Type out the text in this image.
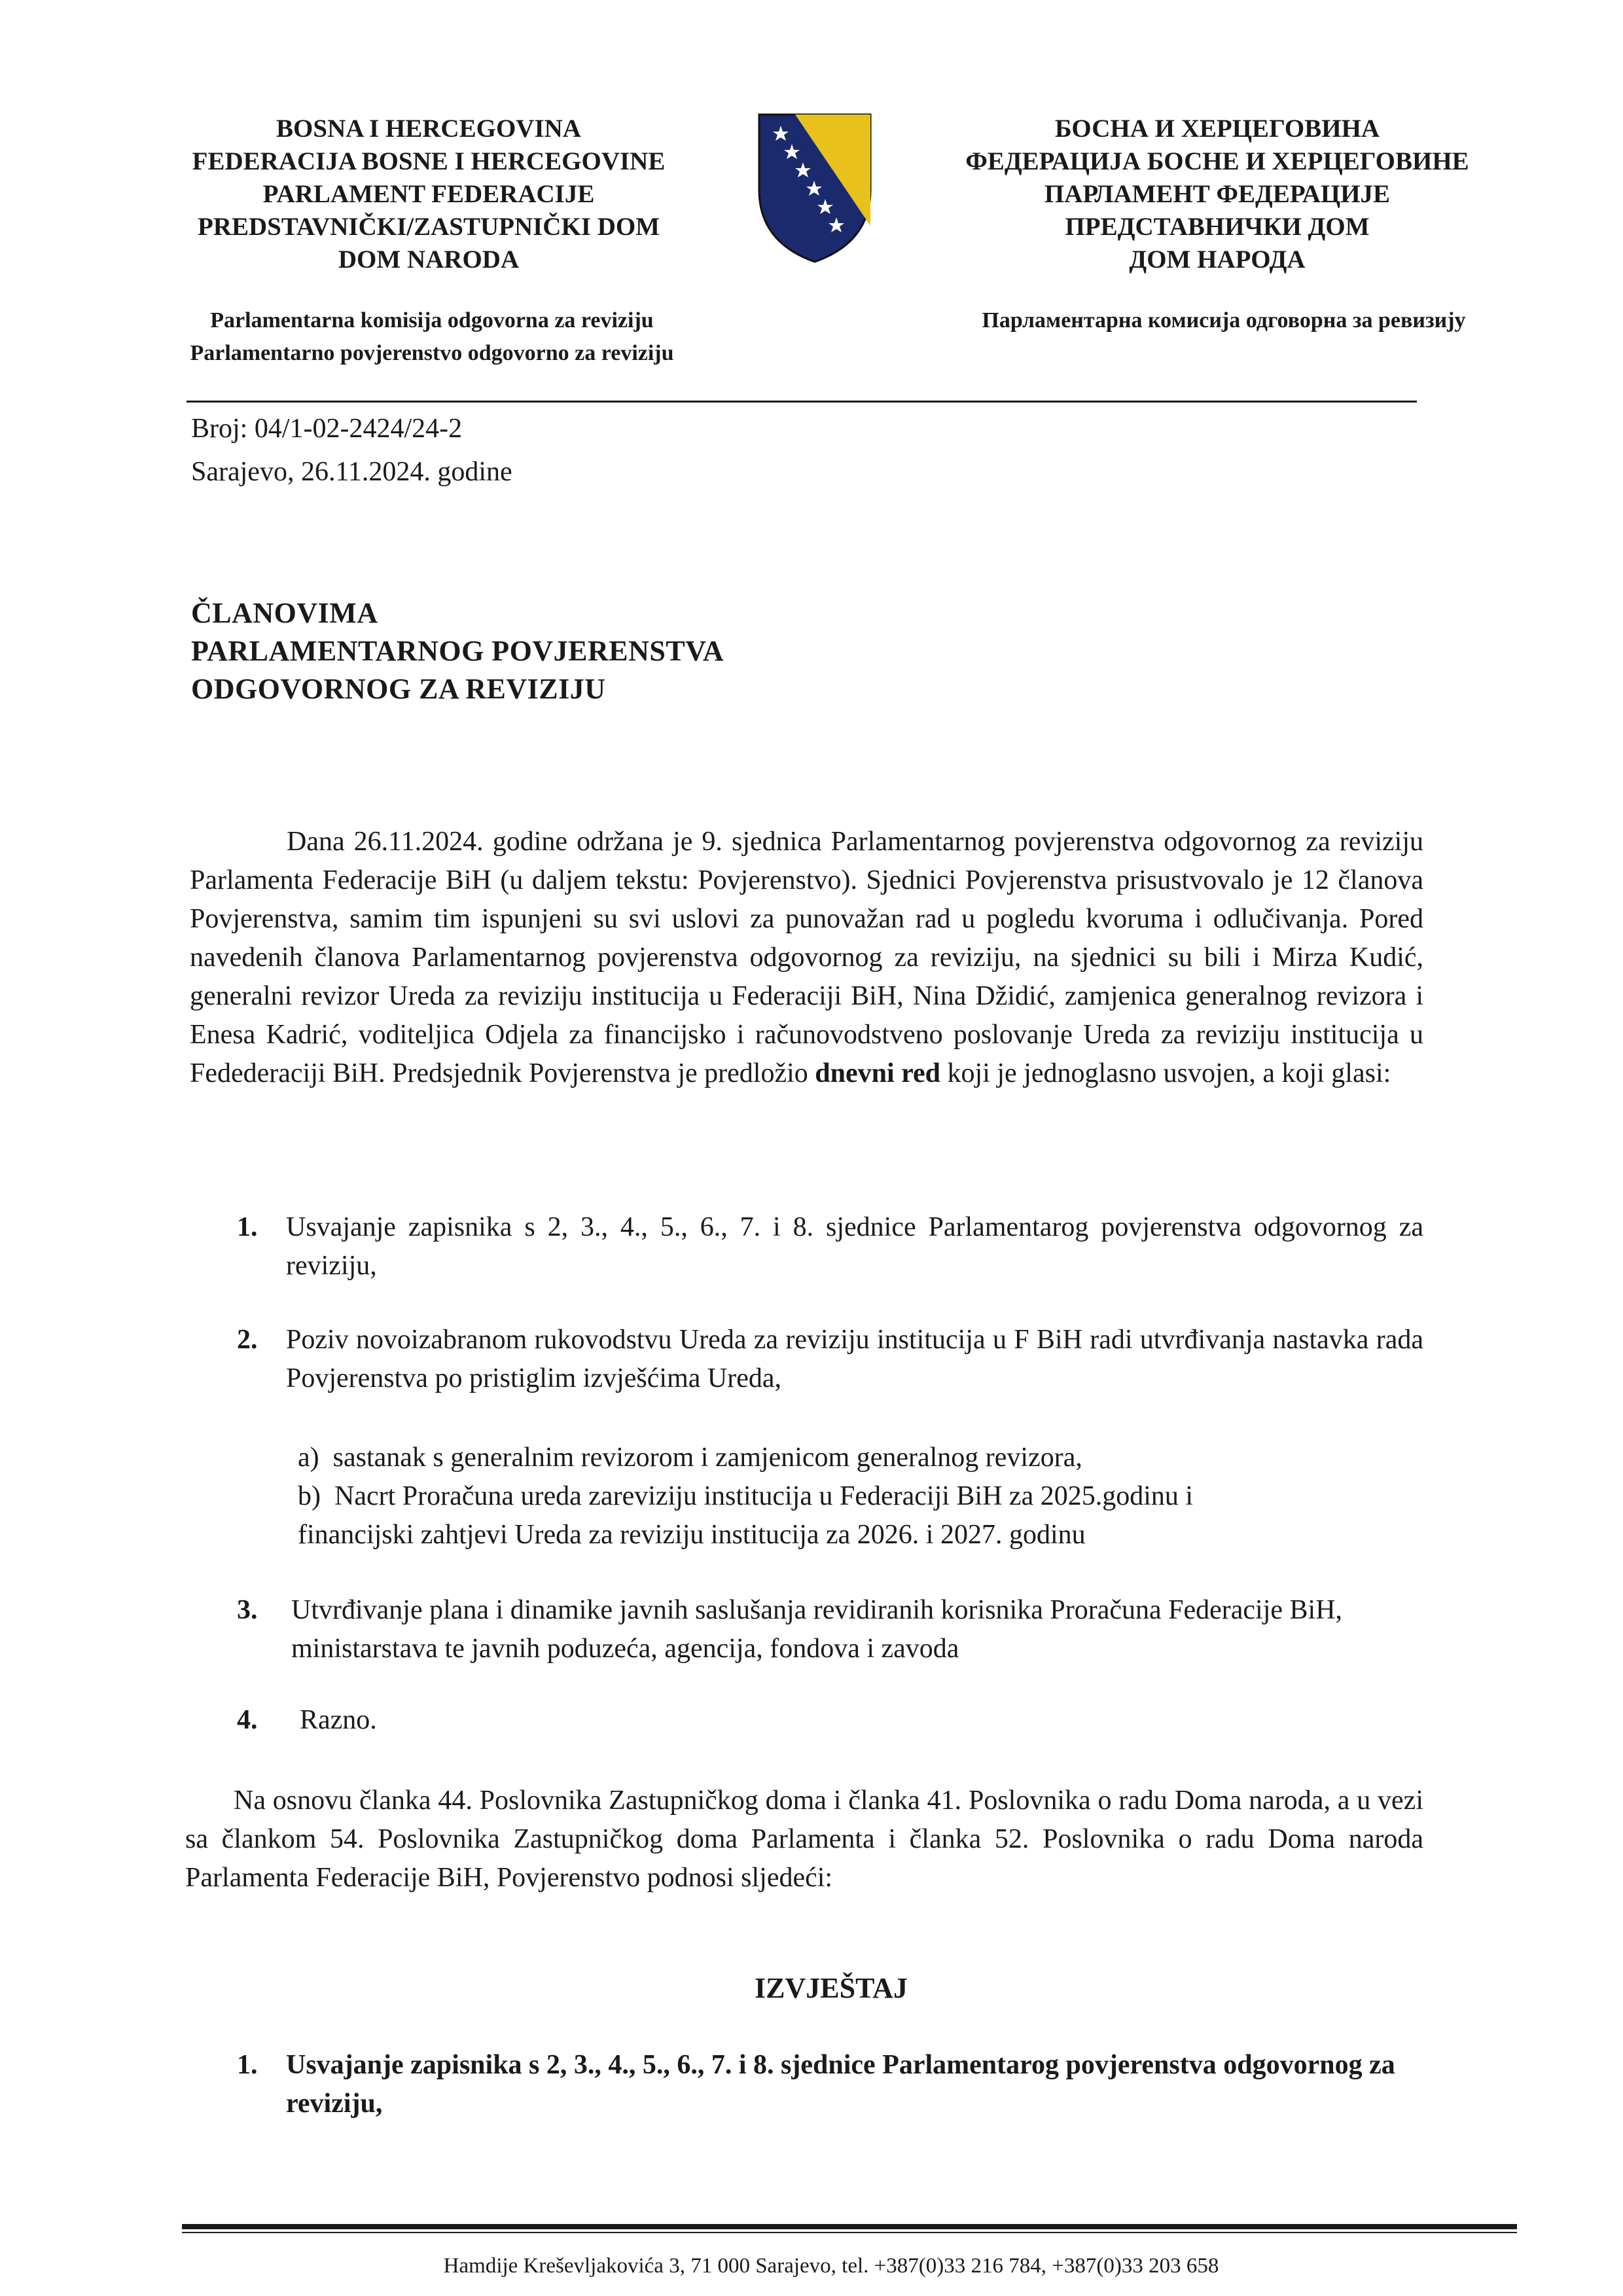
BOSNA I HERCEGOVINA
FEDERACIJA BOSNE I HERCEGOVINE
PARLAMENT FEDERACIJE
PREDSTAVNIČKI/ZASTUPNIČKI DOM
DOM NARODA
БОСНА И ХЕРЦЕГОВИНА
ФЕДЕРАЦИЈА БОСНЕ И ХЕРЦЕГОВИНЕ
ПАРЛАМЕНТ ФЕДЕРАЦИЈЕ
ПРЕДСТАВНИЧКИ ДОМ
ДОМ НАРОДА
Parlamentarna komisija odgovorna za reviziju
Parlamentarno povjerenstvo odgovorno za reviziju
Парламентарна комисија одговорна за ревизију
Broj: 04/1-02-2424/24-2
Sarajevo, 26.11.2024. godine
ČLANOVIMA
PARLAMENTARNOG POVJERENSTVA
ODGOVORNOG ZA REVIZIJU
Dana 26.11.2024. godine održana je 9. sjednica Parlamentarnog povjerenstva odgovornog za reviziju Parlamenta Federacije BiH (u daljem tekstu: Povjerenstvo). Sjednici Povjerenstva prisustvovalo je 12 članova Povjerenstva, samim tim ispunjeni su svi uslovi za punovažan rad u pogledu kvoruma i odlučivanja. Pored navedenih članova Parlamentarnog povjerenstva odgovornog za reviziju, na sjednici su bili i Mirza Kudić, generalni revizor Ureda za reviziju institucija u Federaciji BiH, Nina Džidić, zamjenica generalnog revizora i Enesa Kadrić, voditeljica Odjela za financijsko i računovodstveno poslovanje Ureda za reviziju institucija u Fedederaciji BiH. Predsjednik Povjerenstva je predložio dnevni red koji je jednoglasno usvojen, a koji glasi:
1.	Usvajanje zapisnika s 2, 3., 4., 5., 6., 7. i 8. sjednice Parlamentarog povjerenstva odgovornog za reviziju,
2. Poziv novoizabranom rukovodstvu Ureda za reviziju institucija u F BiH radi utvrđivanja nastavka rada Povjerenstva po pristiglim izvješćima Ureda,
a) sastanak s generalnim revizorom i zamjenicom generalnog revizora,
b) Nacrt Proračuna ureda zareviziju institucija u Federaciji BiH za 2025.godinu i
financijski zahtjevi Ureda za reviziju institucija za 2026. i 2027. godinu
3. Utvrđivanje plana i dinamike javnih saslušanja revidiranih korisnika Proračuna Federacije BiH, ministarstava te javnih poduzeća, agencija, fondova i zavoda
4. Razno.
Na osnovu članka 44. Poslovnika Zastupničkog doma i članka 41. Poslovnika o radu Doma naroda, a u vezi sa člankom 54. Poslovnika Zastupničkog doma Parlamenta i članka 52. Poslovnika o radu Doma naroda Parlamenta Federacije BiH, Povjerenstvo podnosi sljedeći:
IZVJEŠTAJ
1. Usvajanje zapisnika s 2, 3., 4., 5., 6., 7. i 8. sjednice Parlamentarog povjerenstva odgovornog za reviziju,
Hamdije Kreševljakovića 3, 71 000 Sarajevo, tel. +387(0)33 216 784, +387(0)33 203 658
